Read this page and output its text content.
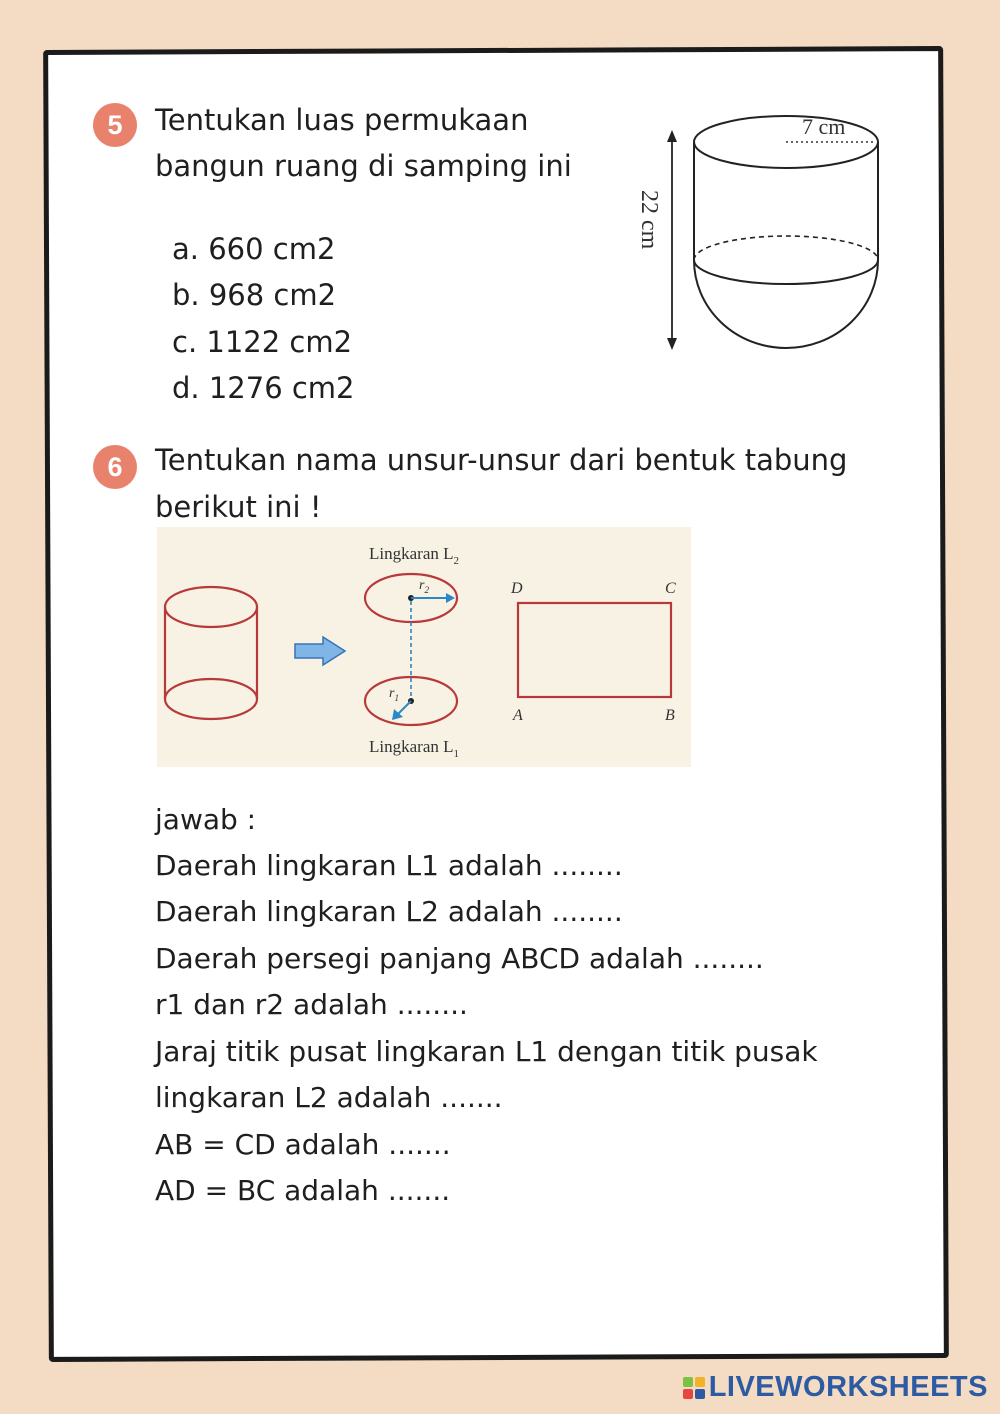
5	Tentukan luas permukaan
bangun ruang di samping ini
a. 660 cm2
b. 968 cm2
c. 1122 cm2
d. 1276 cm2
22 cm
7 cm
6	Tentukan nama unsur-unsur dari bentuk tabung
berikut ini !
Lingkaran $L_2$
$r_2$
$r_1$
Lingkaran $L_1$
D	C
A	B
jawab :
Daerah lingkaran L1 adalah ........
Daerah lingkaran L2 adalah ........
Daerah persegi panjang ABCD adalah ........
r1 dan r2 adalah ........
Jaraj titik pusat lingkaran L1 dengan titik pusak
lingkaran L2 adalah .......
AB = CD adalah .......
AD = BC adalah .......
LIVEWORKSHEETS
